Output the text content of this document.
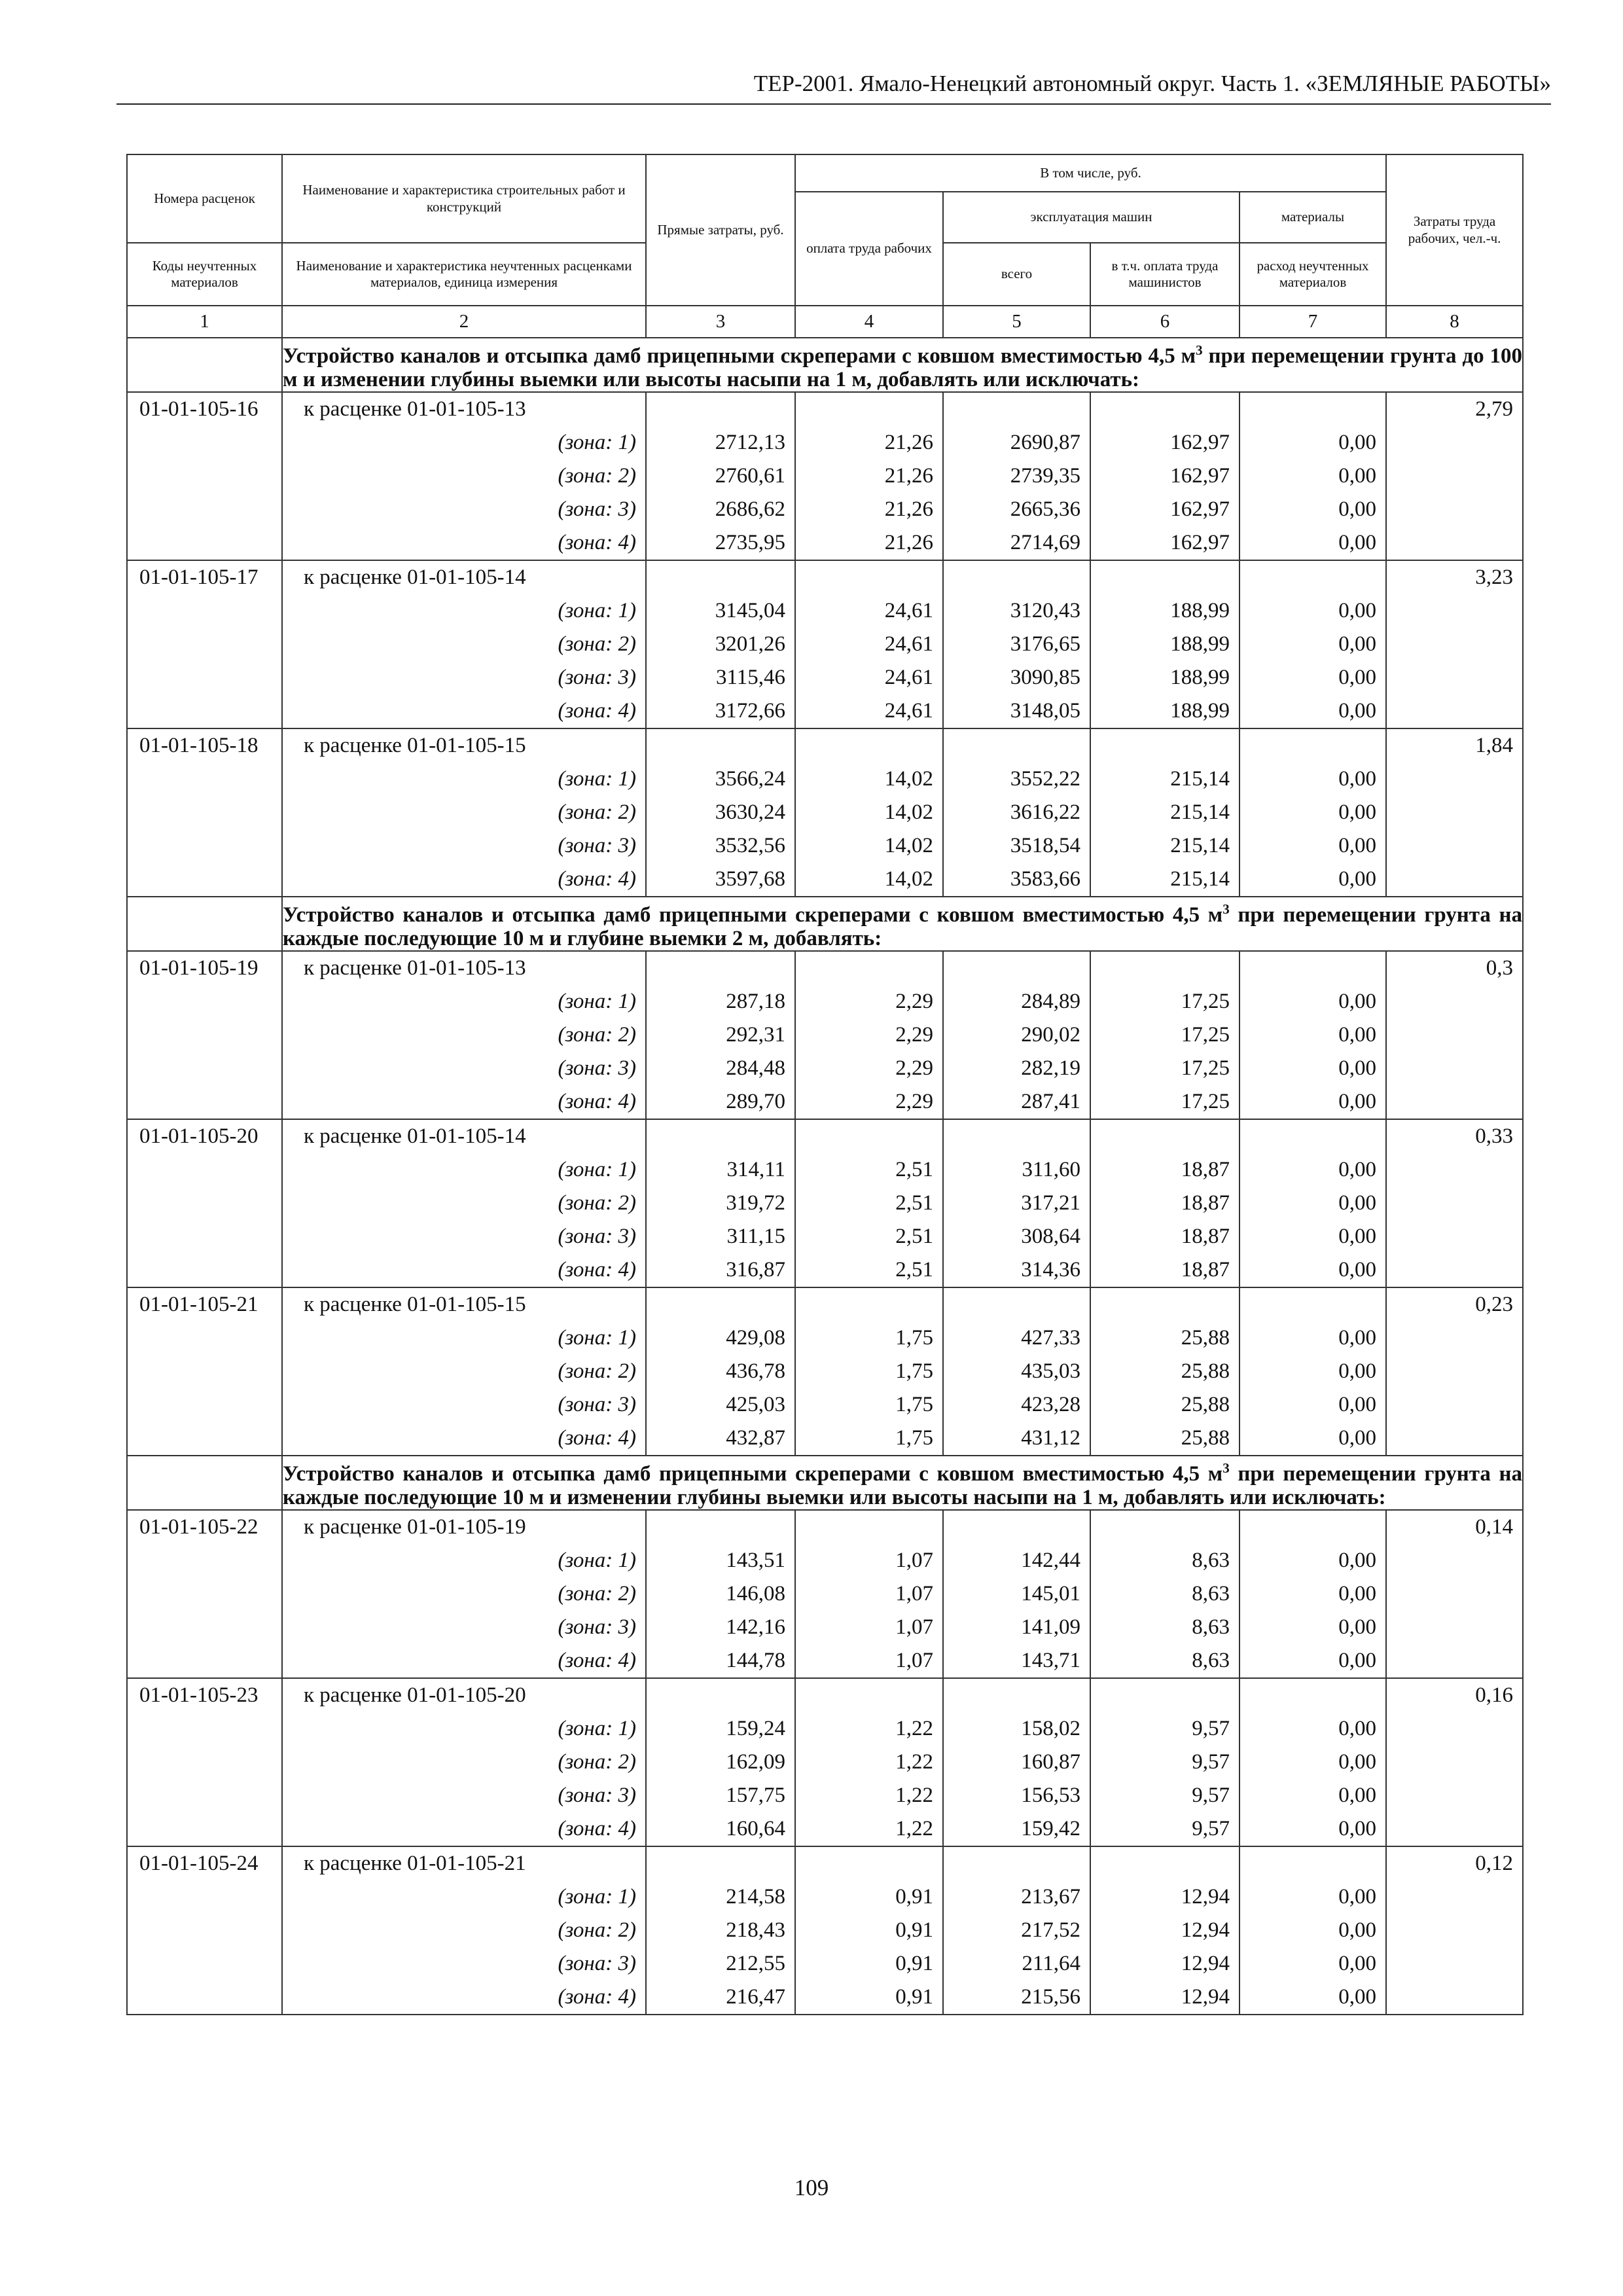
ТЕР-2001. Ямало-Ненецкий автономный округ. Часть 1. «ЗЕМЛЯНЫЕ РАБОТЫ»
Номера расценок	Наименование и характеристика строительных работ и конструкций	Прямые затраты, руб.	В том числе, руб.				Затраты труда рабочих, чел.-ч.
			оплата труда рабочих	эксплуатация машин		материалы	
Коды неучтенных материалов	Наименование и характеристика неучтенных расценками материалов, единица измерения			всего	в т.ч. оплата труда машинистов	расход неучтенных материалов	
1	2	3	4	5	6	7	8
	Устройство каналов и отсыпка дамб прицепными скреперами с ковшом вместимостью 4,5 $м^3$ при перемещении грунта до 100 м и изменении глубины выемки или высоты насыпи на 1 м, добавлять или исключать:						
01-01-105-16	к расценке 01-01-105-13						2,79
	(зона: 1)	2712,13	21,26	2690,87	162,97	0,00	
	(зона: 2)	2760,61	21,26	2739,35	162,97	0,00	
	(зона: 3)	2686,62	21,26	2665,36	162,97	0,00	
	(зона: 4)	2735,95	21,26	2714,69	162,97	0,00	
01-01-105-17	к расценке 01-01-105-14						3,23
	(зона: 1)	3145,04	24,61	3120,43	188,99	0,00	
	(зона: 2)	3201,26	24,61	3176,65	188,99	0,00	
	(зона: 3)	3115,46	24,61	3090,85	188,99	0,00	
	(зона: 4)	3172,66	24,61	3148,05	188,99	0,00	
01-01-105-18	к расценке 01-01-105-15						1,84
	(зона: 1)	3566,24	14,02	3552,22	215,14	0,00	
	(зона: 2)	3630,24	14,02	3616,22	215,14	0,00	
	(зона: 3)	3532,56	14,02	3518,54	215,14	0,00	
	(зона: 4)	3597,68	14,02	3583,66	215,14	0,00	
	Устройство каналов и отсыпка дамб прицепными скреперами с ковшом вместимостью 4,5 $м^3$ при перемещении грунта на каждые последующие 10 м и глубине выемки 2 м, добавлять:						
01-01-105-19	к расценке 01-01-105-13						0,3
	(зона: 1)	287,18	2,29	284,89	17,25	0,00	
	(зона: 2)	292,31	2,29	290,02	17,25	0,00	
	(зона: 3)	284,48	2,29	282,19	17,25	0,00	
	(зона: 4)	289,70	2,29	287,41	17,25	0,00	
01-01-105-20	к расценке 01-01-105-14						0,33
	(зона: 1)	314,11	2,51	311,60	18,87	0,00	
	(зона: 2)	319,72	2,51	317,21	18,87	0,00	
	(зона: 3)	311,15	2,51	308,64	18,87	0,00	
	(зона: 4)	316,87	2,51	314,36	18,87	0,00	
01-01-105-21	к расценке 01-01-105-15						0,23
	(зона: 1)	429,08	1,75	427,33	25,88	0,00	
	(зона: 2)	436,78	1,75	435,03	25,88	0,00	
	(зона: 3)	425,03	1,75	423,28	25,88	0,00	
	(зона: 4)	432,87	1,75	431,12	25,88	0,00	
	Устройство каналов и отсыпка дамб прицепными скреперами с ковшом вместимостью 4,5 $м^3$ при перемещении грунта на каждые последующие 10 м и изменении глубины выемки или высоты насыпи на 1 м, добавлять или исключать:						
01-01-105-22	к расценке 01-01-105-19						0,14
	(зона: 1)	143,51	1,07	142,44	8,63	0,00	
	(зона: 2)	146,08	1,07	145,01	8,63	0,00	
	(зона: 3)	142,16	1,07	141,09	8,63	0,00	
	(зона: 4)	144,78	1,07	143,71	8,63	0,00	
01-01-105-23	к расценке 01-01-105-20						0,16
	(зона: 1)	159,24	1,22	158,02	9,57	0,00	
	(зона: 2)	162,09	1,22	160,87	9,57	0,00	
	(зона: 3)	157,75	1,22	156,53	9,57	0,00	
	(зона: 4)	160,64	1,22	159,42	9,57	0,00	
01-01-105-24	к расценке 01-01-105-21						0,12
	(зона: 1)	214,58	0,91	213,67	12,94	0,00	
	(зона: 2)	218,43	0,91	217,52	12,94	0,00	
	(зона: 3)	212,55	0,91	211,64	12,94	0,00	
	(зона: 4)	216,47	0,91	215,56	12,94	0,00	
109
